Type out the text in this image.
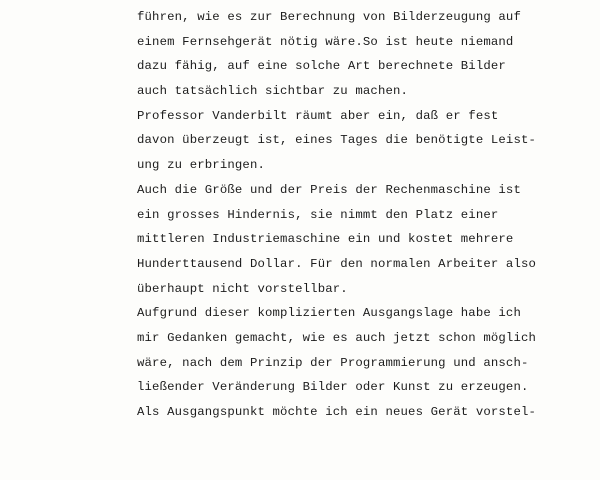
führen, wie es zur Berechnung von Bilderzeugung auf
einem Fernsehgerät nötig wäre.So ist heute niemand
dazu fähig, auf eine solche Art berechnete Bilder
auch tatsächlich sichtbar zu machen.
Professor Vanderbilt räumt aber ein, daß er fest
davon überzeugt ist, eines Tages die benötigte Leist-
ung zu erbringen.
Auch die Größe und der Preis der Rechenmaschine ist
ein grosses Hindernis, sie nimmt den Platz einer
mittleren Industriemaschine ein und kostet mehrere
Hunderttausend Dollar. Für den normalen Arbeiter also
überhaupt nicht vorstellbar.
Aufgrund dieser komplizierten Ausgangslage habe ich
mir Gedanken gemacht, wie es auch jetzt schon möglich
wäre, nach dem Prinzip der Programmierung und ansch-
ließender Veränderung Bilder oder Kunst zu erzeugen.
Als Ausgangspunkt möchte ich ein neues Gerät vorstel-
